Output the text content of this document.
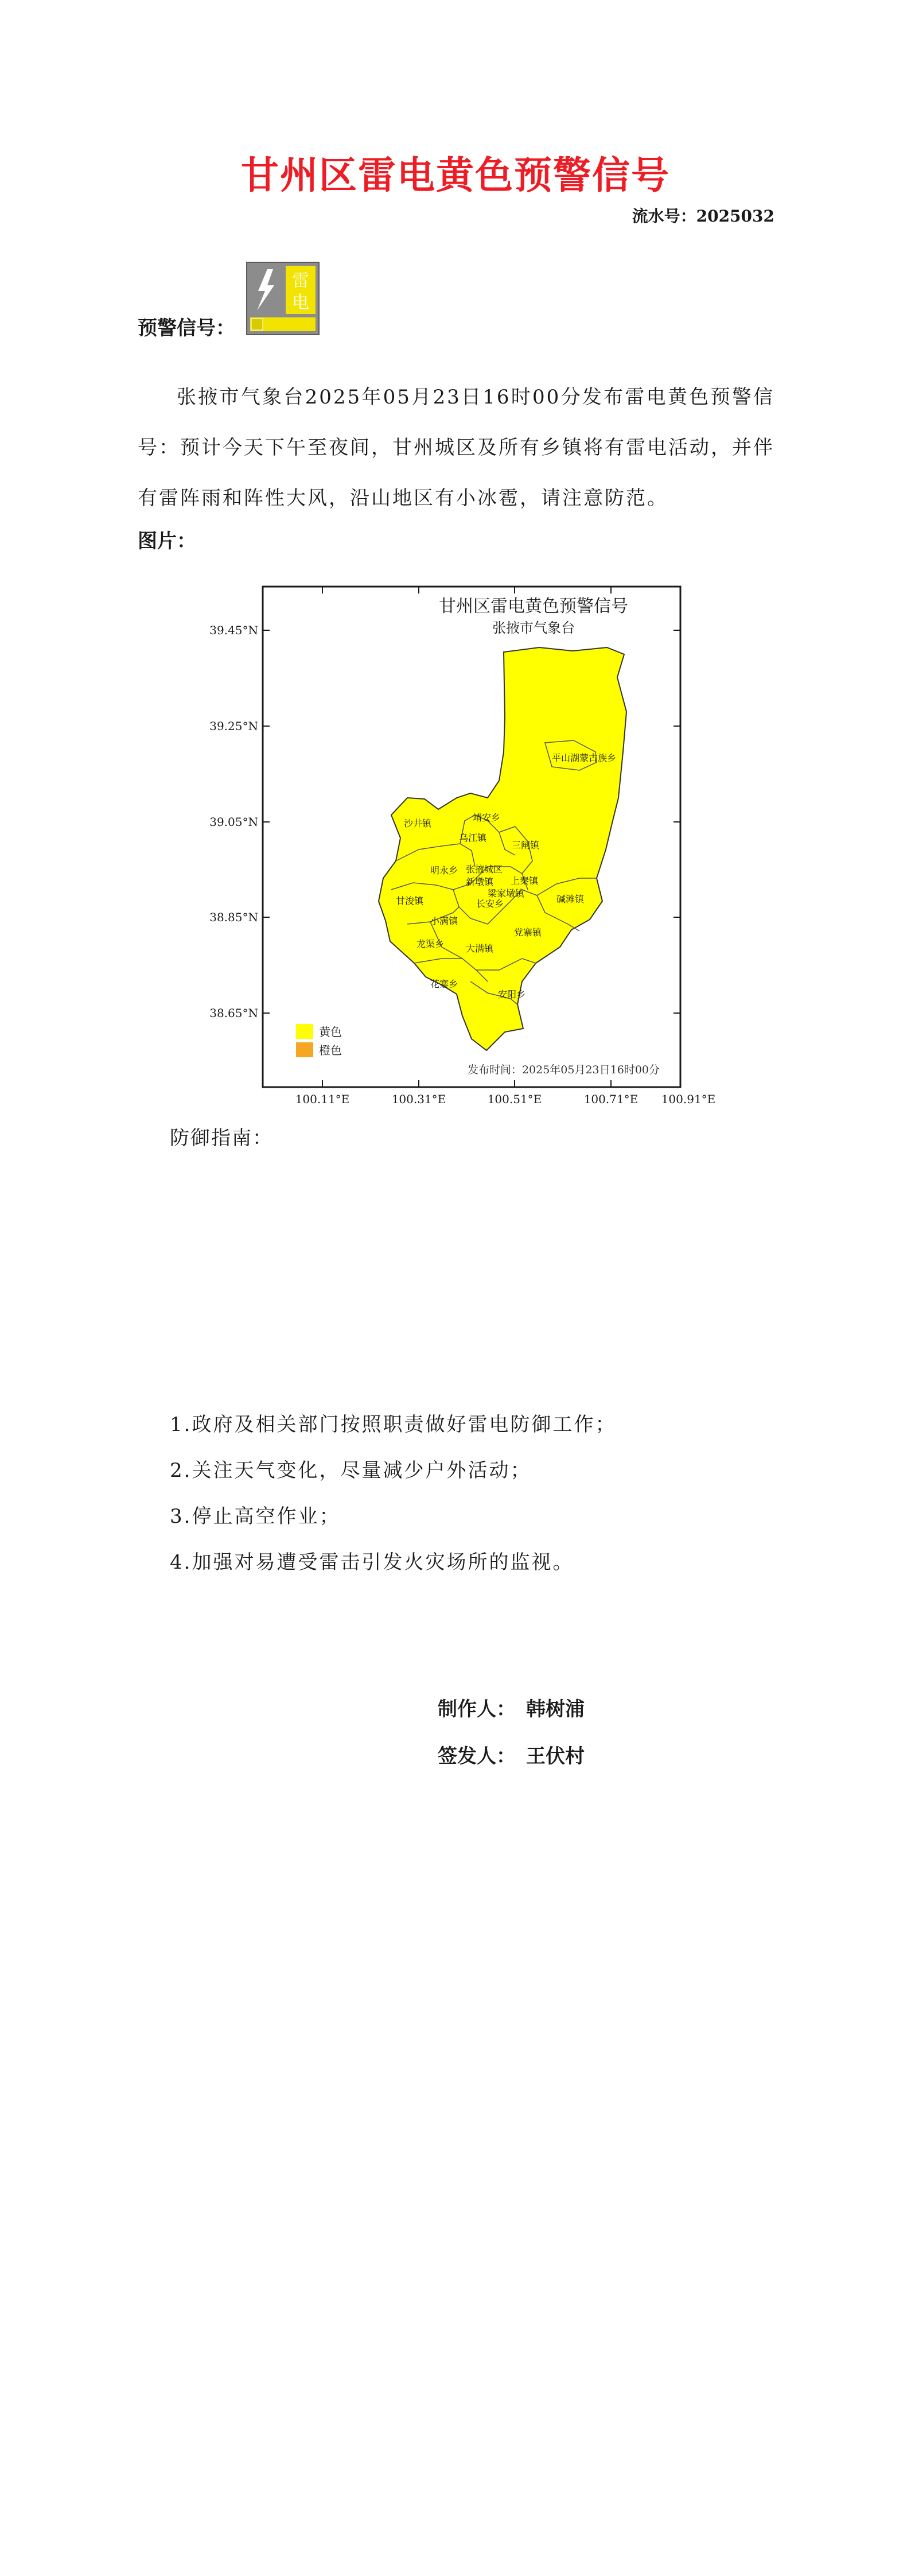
甘州区雷电黄色预警信号
流水号：2025032
预警信号：
雷
电
张掖市气象台2025年05月23日16时00分发布雷电黄色预警信号：预计今天下午至夜间，甘州城区及所有乡镇将有雷电活动，并伴有雷阵雨和阵性大风，沿山地区有小冰雹，请注意防范。
图片：
甘州区雷电黄色预警信号
张掖市气象台
39.45°N
39.25°N
39.05°N
38.85°N
38.65°N
100.11°E	100.31°E	100.51°E	100.71°E 100.91°E
平山湖蒙古族乡
沙井镇
乌江镇
靖安乡
三闸镇
明永乡
甘浚镇	碱滩镇
小满镇
安阳乡
党寨镇
龙渠乡 大满镇
花寨乡
上秦镇
梁家墩镇
新墩镇
长安乡
张掖城区
黄色
橙色
发布时间：2025年05月23日16时00分
防御指南：
1.政府及相关部门按照职责做好雷电防御工作；
2.关注天气变化，尽量减少户外活动；
3.停止高空作业；
4.加强对易遭受雷击引发火灾场所的监视。
制作人： 韩树浦
签发人： 王伏村
